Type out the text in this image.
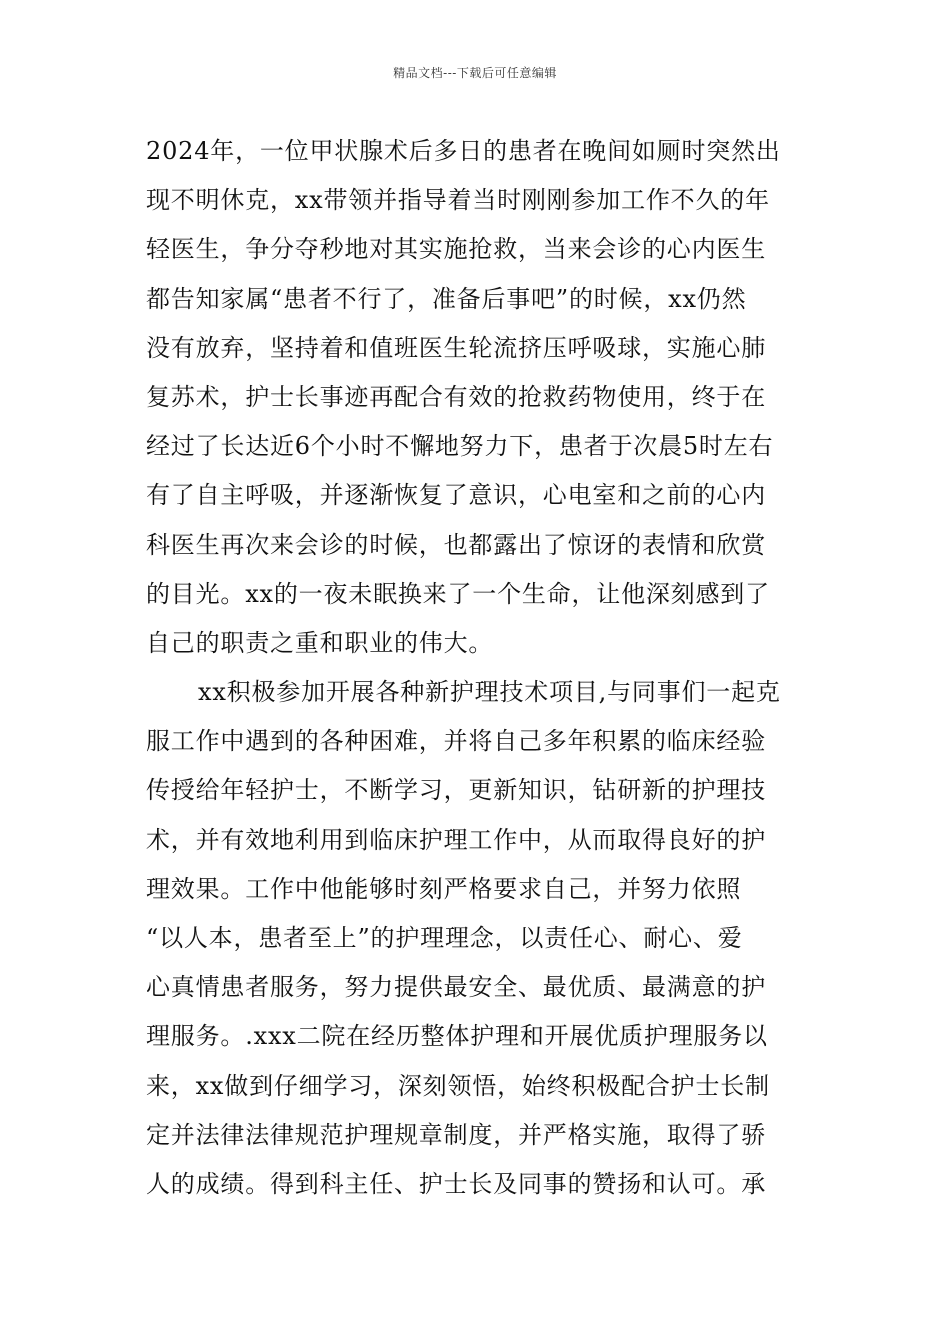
精品文档---下载后可任意编辑
2024年，一位甲状腺术后多日的患者在晚间如厕时突然出
现不明休克，xx带领并指导着当时刚刚参加工作不久的年
轻医生，争分夺秒地对其实施抢救，当来会诊的心内医生
都告知家属“患者不行了，准备后事吧”的时候，xx仍然
没有放弃，坚持着和值班医生轮流挤压呼吸球，实施心肺
复苏术，护士长事迹再配合有效的抢救药物使用，终于在
经过了长达近6个小时不懈地努力下，患者于次晨5时左右
有了自主呼吸，并逐渐恢复了意识，心电室和之前的心内
科医生再次来会诊的时候，也都露出了惊讶的表情和欣赏
的目光。xx的一夜未眠换来了一个生命，让他深刻感到了
自己的职责之重和职业的伟大。
xx积极参加开展各种新护理技术项目,与同事们一起克
服工作中遇到的各种困难，并将自己多年积累的临床经验
传授给年轻护士，不断学习，更新知识，钻研新的护理技
术，并有效地利用到临床护理工作中，从而取得良好的护
理效果。工作中他能够时刻严格要求自己，并努力依照
“以人本，患者至上”的护理理念，以责任心、耐心、爱
心真情患者服务，努力提供最安全、最优质、最满意的护
理服务。.xxx二院在经历整体护理和开展优质护理服务以
来，xx做到仔细学习，深刻领悟，始终积极配合护士长制
定并法律法律规范护理规章制度，并严格实施，取得了骄
人的成绩。得到科主任、护士长及同事的赞扬和认可。承
